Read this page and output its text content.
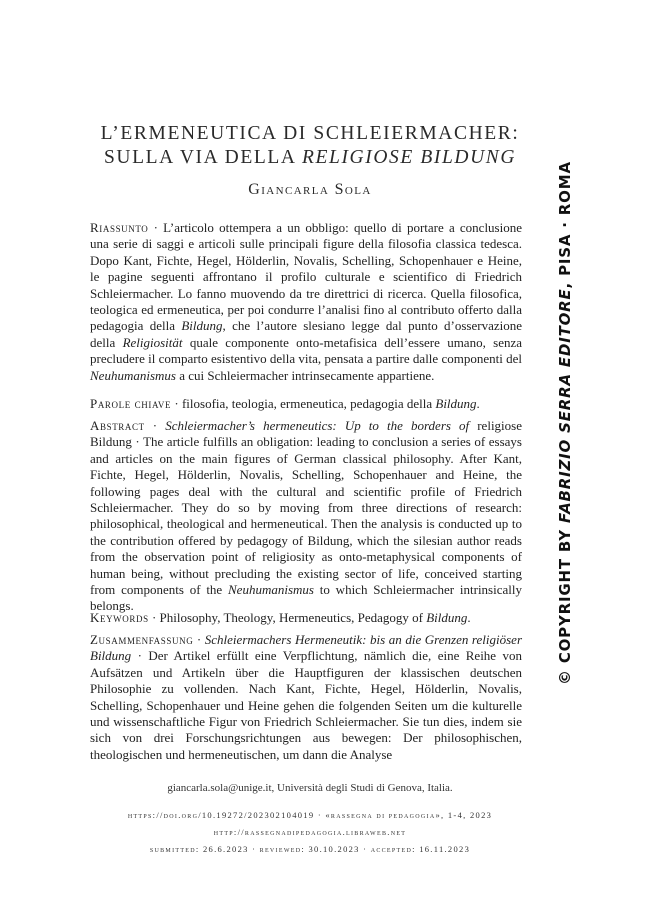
L’ERMENEUTICA DI SCHLEIERMACHER:
SULLA VIA DELLA RELIGIOSE BILDUNG
Giancarla Sola
Riassunto · L’articolo ottempera a un obbligo: quello di portare a conclusione una serie di saggi e articoli sulle principali figure della filosofia classica tedesca. Dopo Kant, Fichte, Hegel, Hölderlin, Novalis, Schelling, Schopenhauer e Heine, le pagine seguenti affrontano il profilo culturale e scientifico di Friedrich Schleiermacher. Lo fanno muovendo da tre direttrici di ricerca. Quella filosofica, teologica ed ermeneutica, per poi condurre l’analisi fino al contributo offerto dalla pedagogia della Bildung, che l’autore slesiano legge dal punto d’osservazione della Religiosität quale componente onto-metafisica dell’essere umano, senza precludere il comparto esistentivo della vita, pensata a partire dalle componenti del Neuhumanismus a cui Schleiermacher intrinsecamente appartiene.
Parole chiave · filosofia, teologia, ermeneutica, pedagogia della Bildung.
Abstract · Schleiermacher’s hermeneutics: Up to the borders of religiose Bildung · The article fulfills an obligation: leading to conclusion a series of essays and articles on the main figures of German classical philosophy. After Kant, Fichte, Hegel, Hölderlin, Novalis, Schelling, Schopenhauer and Heine, the following pages deal with the cultural and scientific profile of Friedrich Schleiermacher. They do so by moving from three directions of research: philosophical, theological and hermeneutical. Then the analysis is conducted up to the contribution offered by pedagogy of Bildung, which the silesian author reads from the observation point of religiosity as onto-metaphysical components of human being, without precluding the existing sector of life, conceived starting from components of the Neuhumanismus to which Schleiermacher intrinsically belongs.
Keywords · Philosophy, Theology, Hermeneutics, Pedagogy of Bildung.
Zusammenfassung · Schleiermachers Hermeneutik: bis an die Grenzen religiöser Bildung · Der Artikel erfüllt eine Verpflichtung, nämlich die, eine Reihe von Aufsätzen und Artikeln über die Hauptfiguren der klassischen deutschen Philosophie zu vollenden. Nach Kant, Fichte, Hegel, Hölderlin, Novalis, Schelling, Schopenhauer und Heine gehen die folgenden Seiten um die kulturelle und wissenschaftliche Figur von Friedrich Schleiermacher. Sie tun dies, indem sie sich von drei Forschungsrichtungen aus bewegen: Der philosophischen, theologischen und hermeneutischen, um dann die Analyse
giancarla.sola@unige.it, Università degli Studi di Genova, Italia.
https://doi.org/10.19272/202302104019 · «rassegna di pedagogia», 1-4, 2023
http://rassegnadipedagogia.libraweb.net
submitted: 26.6.2023 · reviewed: 30.10.2023 · accepted: 16.11.2023
© COPYRIGHT BY FABRIZIO SERRA EDITORE, PISA · ROMA
